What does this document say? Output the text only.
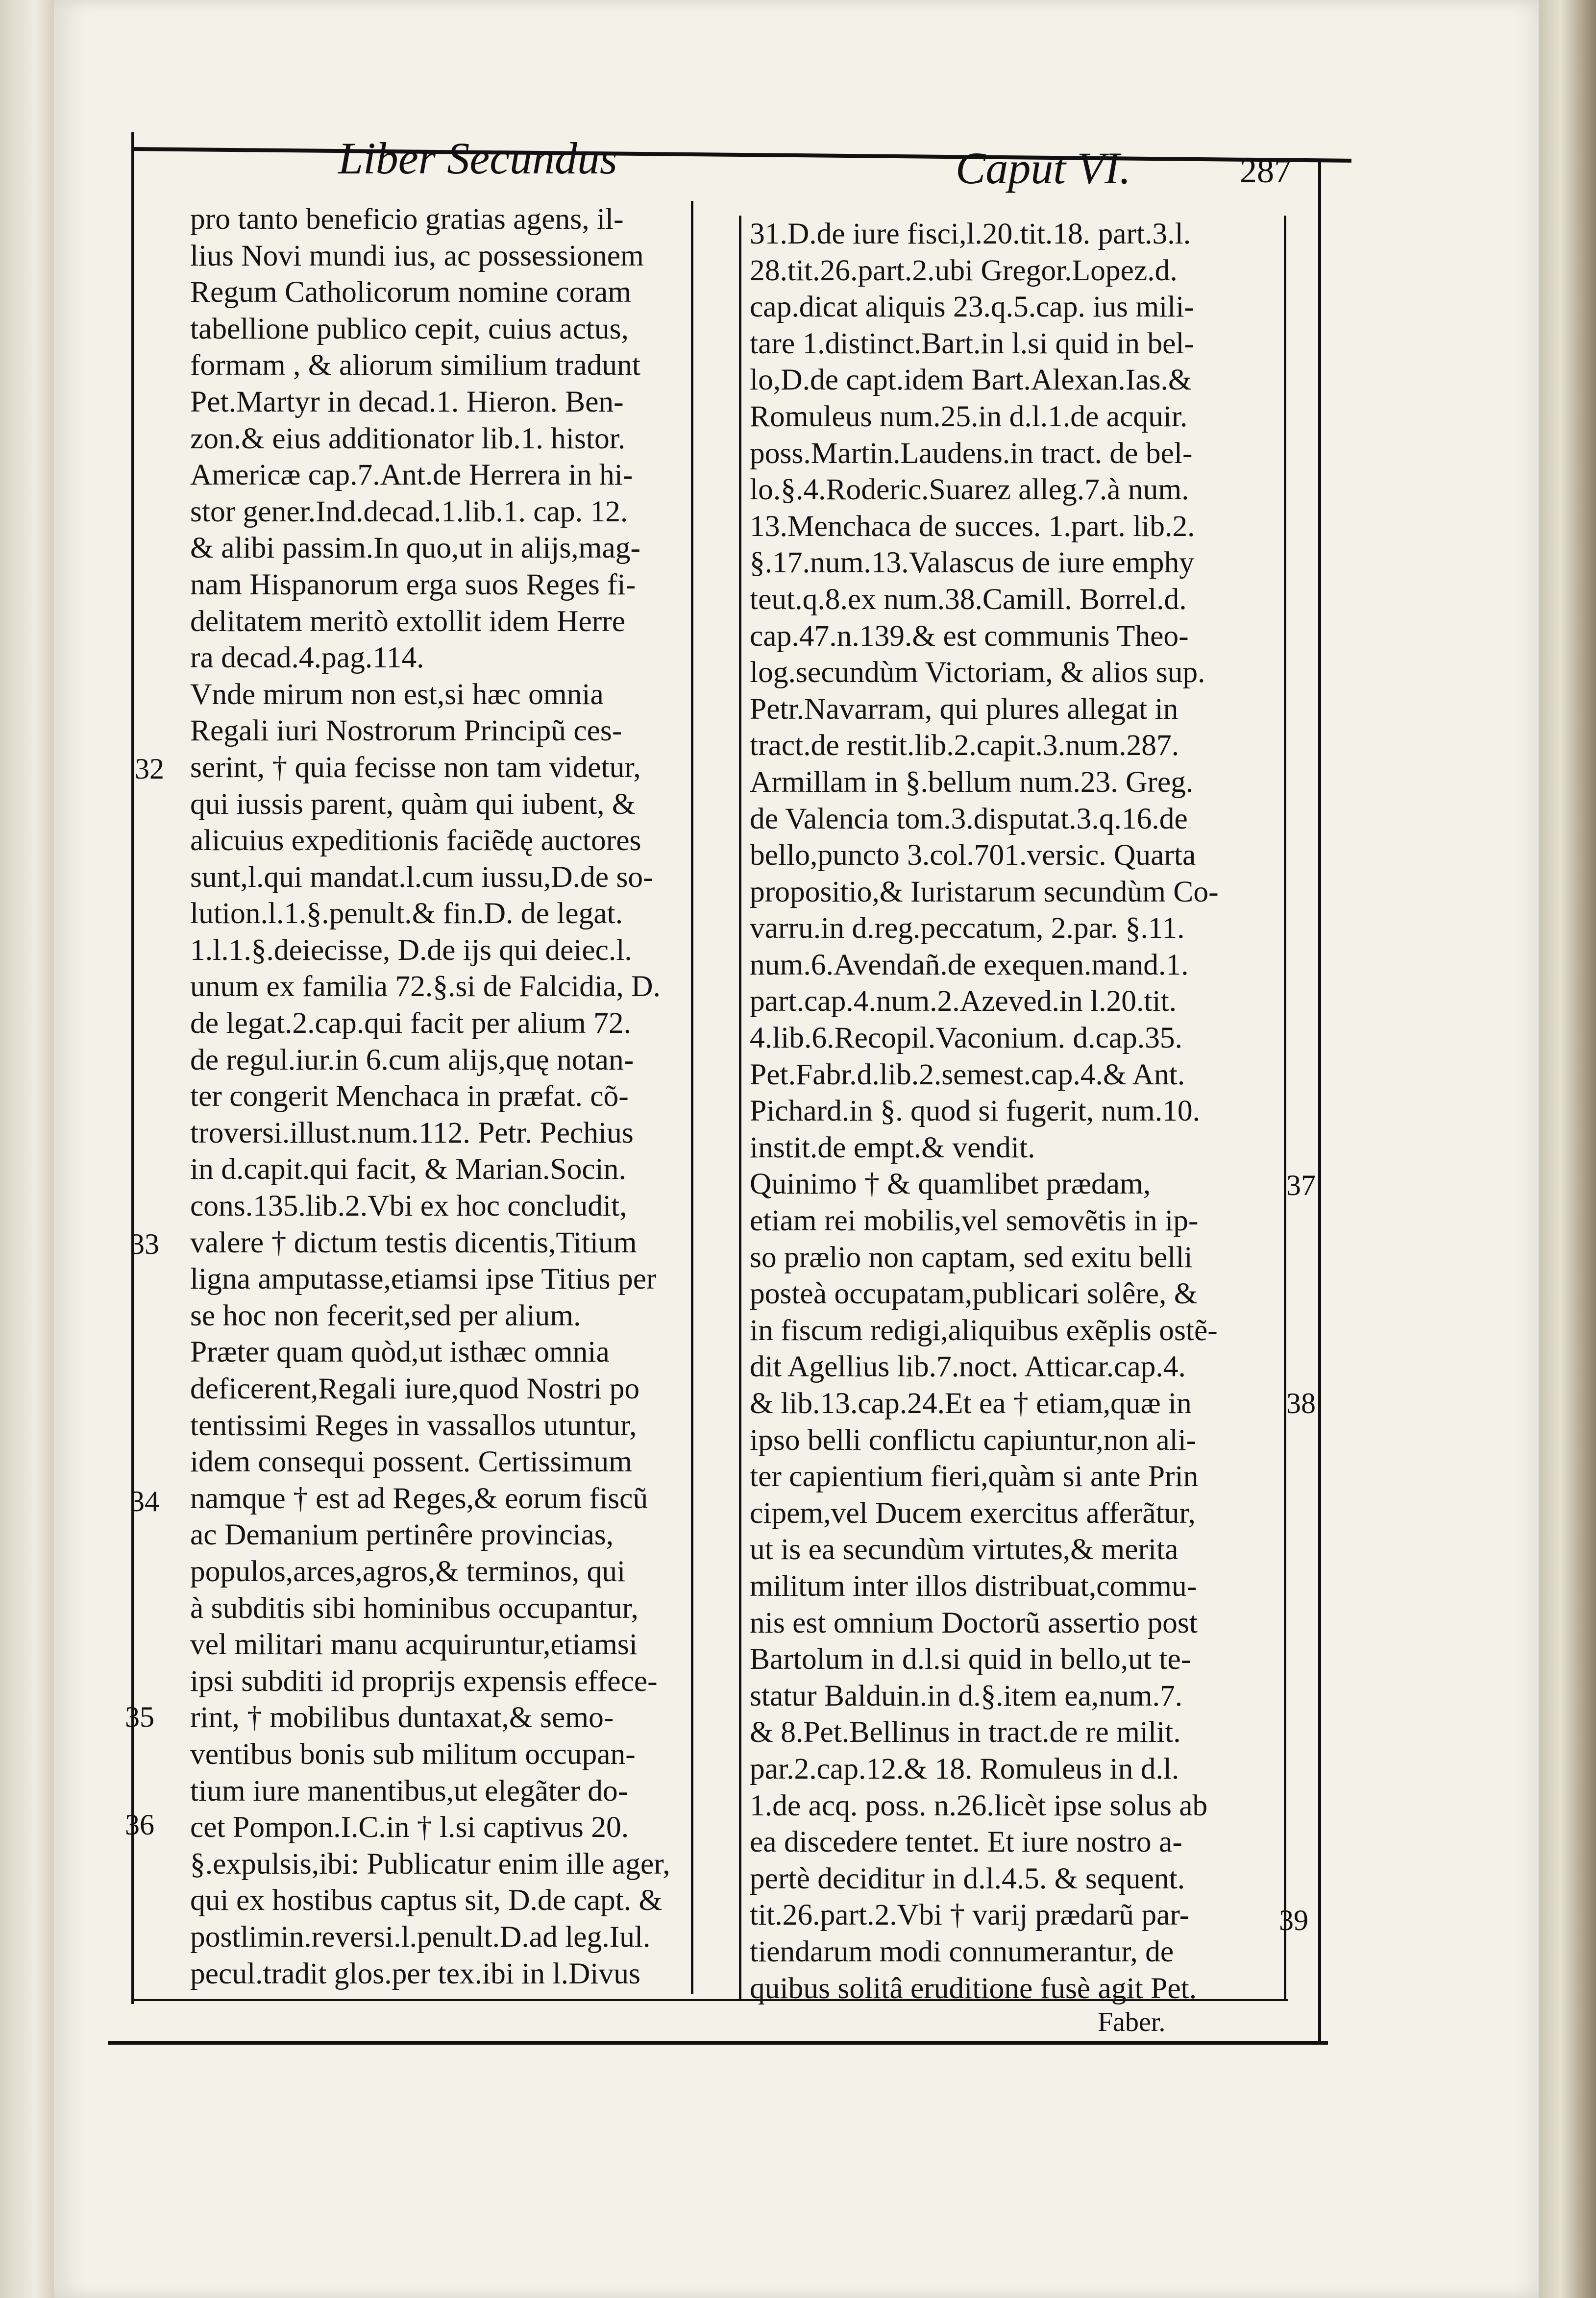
Liber Secundus	Caput VI.	287
pro tanto beneficio gratias agens, il-
lius Novi mundi ius, ac possessionem
Regum Catholicorum nomine coram
tabellione publico cepit, cuius actus,
formam , & aliorum similium tradunt
Pet.Martyr in decad.1. Hieron. Ben-
zon.& eius additionator lib.1. histor.
Americæ cap.7.Ant.de Herrera in hi-
stor gener.Ind.decad.1.lib.1. cap. 12.
& alibi passim.In quo,ut in alijs,mag-
nam Hispanorum erga suos Reges fi-
delitatem meritò extollit idem Herre
ra decad.4.pag.114.
Vnde mirum non est,si hæc omnia
Regali iuri Nostrorum Principũ ces-
serint, † quia fecisse non tam videtur,
qui iussis parent, quàm qui iubent, &
alicuius expeditionis faciẽdę auctores
sunt,l.qui mandat.l.cum iussu,D.de so-
lution.l.1.§.penult.& fin.D. de legat.
1.l.1.§.deiecisse, D.de ijs qui deiec.l.
unum ex familia 72.§.si de Falcidia, D.
de legat.2.cap.qui facit per alium 72.
de regul.iur.in 6.cum alijs,quę notan-
ter congerit Menchaca in præfat. cõ-
troversi.illust.num.112. Petr. Pechius
in d.capit.qui facit, & Marian.Socin.
cons.135.lib.2.Vbi ex hoc concludit,
valere † dictum testis dicentis,Titium
ligna amputasse,etiamsi ipse Titius per
se hoc non fecerit,sed per alium.
Præter quam quòd,ut isthæc omnia
deficerent,Regali iure,quod Nostri po
tentissimi Reges in vassallos utuntur,
idem consequi possent. Certissimum
namque † est ad Reges,& eorum fiscũ
ac Demanium pertinêre provincias,
populos,arces,agros,& terminos, qui
à subditis sibi hominibus occupantur,
vel militari manu acquiruntur,etiamsi
ipsi subditi id proprijs expensis effece-
rint, † mobilibus duntaxat,& semo-
ventibus bonis sub militum occupan-
tium iure manentibus,ut elegãter do-
cet Pompon.I.C.in † l.si captivus 20.
§.expulsis,ibi: Publicatur enim ille ager,
qui ex hostibus captus sit, D.de capt. &
postlimin.reversi.l.penult.D.ad leg.Iul.
pecul.tradit glos.per tex.ibi in l.Divus
31.D.de iure fisci,l.20.tit.18. part.3.l.
28.tit.26.part.2.ubi Gregor.Lopez.d.
cap.dicat aliquis 23.q.5.cap. ius mili-
tare 1.distinct.Bart.in l.si quid in bel-
lo,D.de capt.idem Bart.Alexan.Ias.&
Romuleus num.25.in d.l.1.de acquir.
poss.Martin.Laudens.in tract. de bel-
lo.§.4.Roderic.Suarez alleg.7.à num.
13.Menchaca de succes. 1.part. lib.2.
§.17.num.13.Valascus de iure emphy
teut.q.8.ex num.38.Camill. Borrel.d.
cap.47.n.139.& est communis Theo-
log.secundùm Victoriam, & alios sup.
Petr.Navarram, qui plures allegat in
tract.de restit.lib.2.capit.3.num.287.
Armillam in §.bellum num.23. Greg.
de Valencia tom.3.disputat.3.q.16.de
bello,puncto 3.col.701.versic. Quarta
propositio,& Iuristarum secundùm Co-
varru.in d.reg.peccatum, 2.par. §.11.
num.6.Avendañ.de exequen.mand.1.
part.cap.4.num.2.Azeved.in l.20.tit.
4.lib.6.Recopil.Vaconium. d.cap.35.
Pet.Fabr.d.lib.2.semest.cap.4.& Ant.
Pichard.in §. quod si fugerit, num.10.
instit.de empt.& vendit.
Quinimo † & quamlibet prædam,
etiam rei mobilis,vel semovẽtis in ip-
so prælio non captam, sed exitu belli
posteà occupatam,publicari solêre, &
in fiscum redigi,aliquibus exẽplis ostẽ-
dit Agellius lib.7.noct. Atticar.cap.4.
& lib.13.cap.24.Et ea † etiam,quæ in
ipso belli conflictu capiuntur,non ali-
ter capientium fieri,quàm si ante Prin
cipem,vel Ducem exercitus afferãtur,
ut is ea secundùm virtutes,& merita
militum inter illos distribuat,commu-
nis est omnium Doctorũ assertio post
Bartolum in d.l.si quid in bello,ut te-
statur Balduin.in d.§.item ea,num.7.
& 8.Pet.Bellinus in tract.de re milit.
par.2.cap.12.& 18. Romuleus in d.l.
1.de acq. poss. n.26.licèt ipse solus ab
ea discedere tentet. Et iure nostro a-
pertè deciditur in d.l.4.5. & sequent.
tit.26.part.2.Vbi † varij prædarũ par-
tiendarum modi connumerantur, de
quibus solitâ eruditione fusè agit Pet.
32
33
34
35
36
37
38
39
Faber.
